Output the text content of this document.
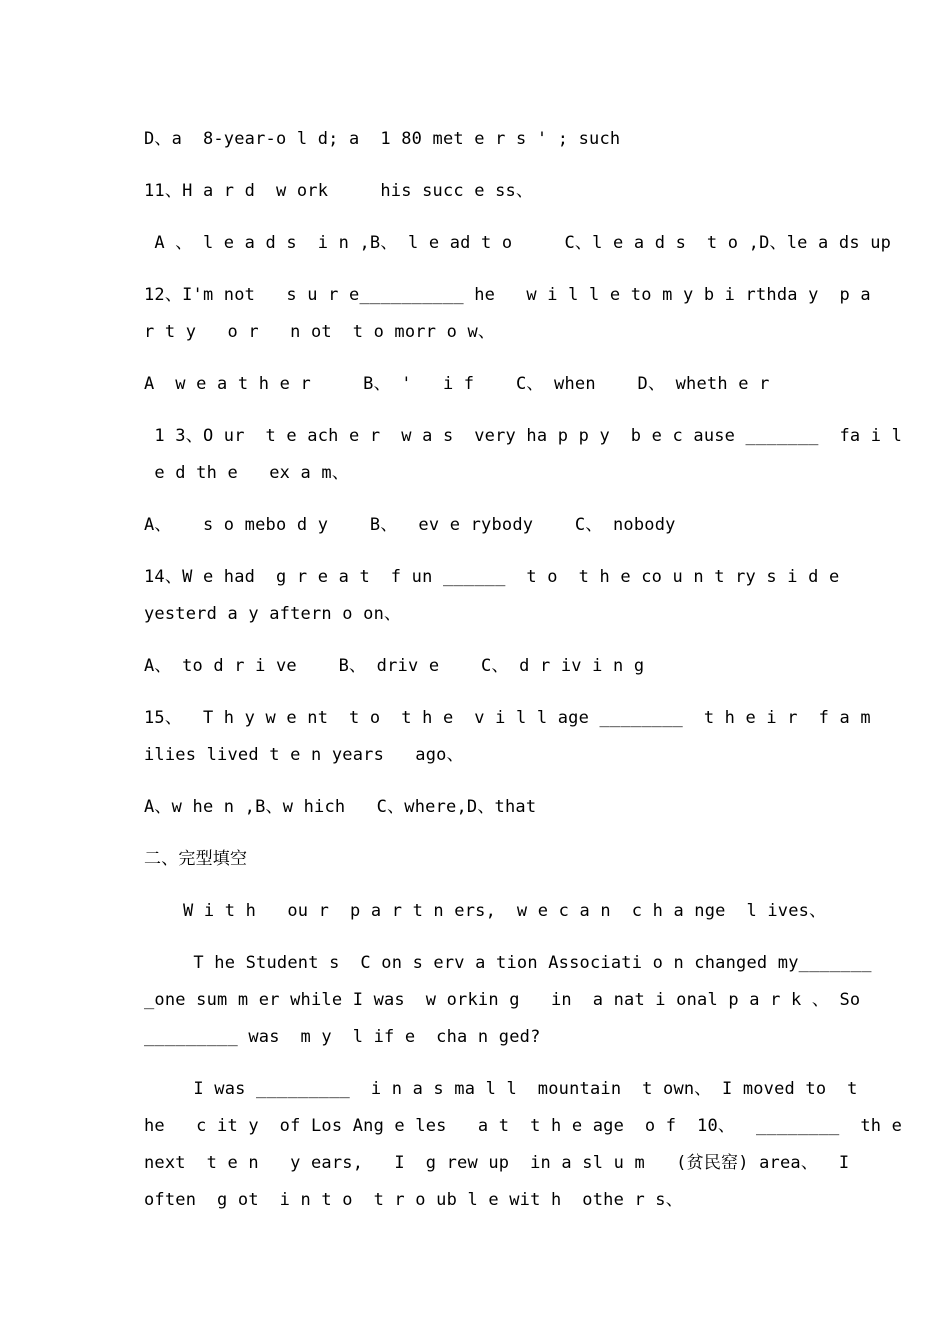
D、a  8-year-o l d; a  1 80 met e r s ' ; such
11、H a r d  w ork     his succ e ss、
A 、 l e a d s  i n ,B、 l e ad t o     C、l e a d s  t o ,D、le a ds up
12、I'm not   s u r e__________ he   w i l l e to m y b i rthda y  p a
r t y   o r   n ot  t o morr o w、
A  w e a t h e r     B、 '   i f    C、 when    D、 wheth e r
1 3、O ur  t e ach e r  w a s  very ha p p y  b e c ause _______  fa i l
e d th e   ex a m、
A、   s o mebo d y    B、  ev e rybody    C、 nobody
14、W e had  g r e a t  f un ______  t o  t h e co u n t ry s i d e
yesterd a y aftern o on、
A、 to d r i ve    B、 driv e    C、 d r iv i n g
15、  T h y w e nt  t o  t h e  v i l l age ________  t h e i r  f a m
ilies lived t e n years   ago、
A、w he n ,B、w hich   C、where,D、that
二、完型填空
W i t h   ou r  p a r t n ers,  w e c a n  c h a nge  l ives、
T he Student s  C on s erv a tion Associati o n changed my_______
_one sum m er while I was  w orkin g   in  a nat i onal p a r k 、 So
_________ was  m y  l if e  cha n ged?
I was _________  i n a s ma l l  mountain  t own、 I moved to  t
he   c it y  of Los Ang e les   a t  t h e age  o f  10、  ________  th e
next  t e n   y ears,   I  g rew up  in a sl u m   (贫民窑) area、  I
often  g ot  i n t o  t r o ub l e wit h  othe r s、
